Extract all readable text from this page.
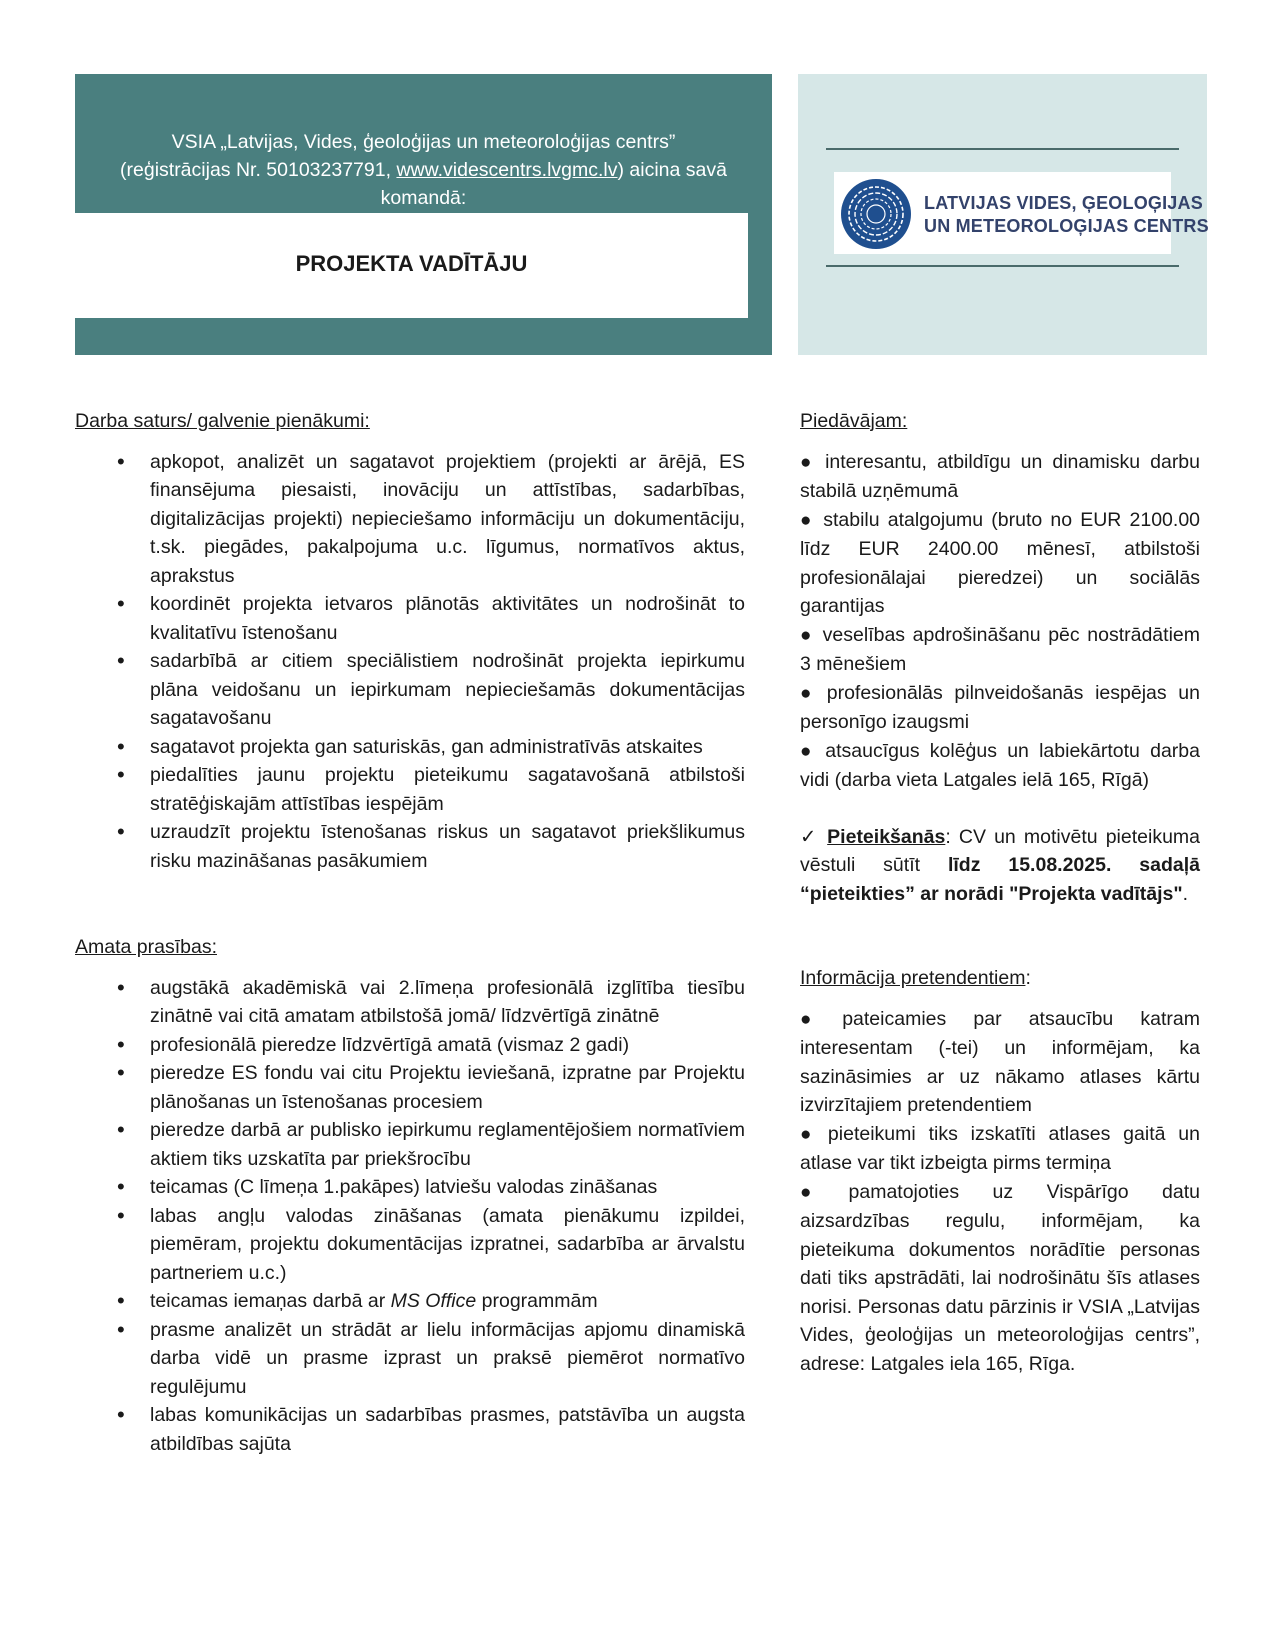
VSIA „Latvijas, Vides, ģeoloģijas un meteoroloģijas centrs”
(reģistrācijas Nr. 50103237791, www.videscentrs.lvgmc.lv) aicina savā
komandā:
PROJEKTA VADĪTĀJU
LATVIJAS VIDES, ĢEOLOĢIJAS
UN METEOROLOĢIJAS CENTRS
Darba saturs/ galvenie pienākumi:
• apkopot, analizēt un sagatavot projektiem (projekti ar ārējā, ES finansējuma piesaisti, inovāciju un attīstības, sadarbības, digitalizācijas projekti) nepieciešamo informāciju un dokumentāciju, t.sk. piegādes, pakalpojuma u.c. līgumus, normatīvos aktus, aprakstus
• koordinēt projekta ietvaros plānotās aktivitātes un nodrošināt to kvalitatīvu īstenošanu
• sadarbībā ar citiem speciālistiem nodrošināt projekta iepirkumu plāna veidošanu un iepirkumam nepieciešamās dokumentācijas sagatavošanu
• sagatavot projekta gan saturiskās, gan administratīvās atskaites
• piedalīties jaunu projektu pieteikumu sagatavošanā atbilstoši stratēģiskajām attīstības iespējām
• uzraudzīt projektu īstenošanas riskus un sagatavot priekšlikumus risku mazināšanas pasākumiem
Amata prasības:
• augstākā akadēmiskā vai 2.līmeņa profesionālā izglītība tiesību zinātnē vai citā amatam atbilstošā jomā/ līdzvērtīgā zinātnē
• profesionālā pieredze līdzvērtīgā amatā (vismaz 2 gadi)
• pieredze ES fondu vai citu Projektu ieviešanā, izpratne par Projektu plānošanas un īstenošanas procesiem
• pieredze darbā ar publisko iepirkumu reglamentējošiem normatīviem aktiem tiks uzskatīta par priekšrocību
• teicamas (C līmeņa 1.pakāpes) latviešu valodas zināšanas
• labas angļu valodas zināšanas (amata pienākumu izpildei, piemēram, projektu dokumentācijas izpratnei, sadarbība ar ārvalstu partneriem u.c.)
• teicamas iemaņas darbā ar MS Office programmām
• prasme analizēt un strādāt ar lielu informācijas apjomu dinamiskā darba vidē un prasme izprast un praksē piemērot normatīvo regulējumu
• labas komunikācijas un sadarbības prasmes, patstāvība un augsta atbildības sajūta
Piedāvājam:
● interesantu, atbildīgu un dinamisku darbu stabilā uzņēmumā
● stabilu atalgojumu (bruto no EUR 2100.00 līdz EUR 2400.00 mēnesī, atbilstoši profesionālajai pieredzei) un sociālās garantijas
● veselības apdrošināšanu pēc nostrādātiem 3 mēnešiem
● profesionālās pilnveidošanās iespējas un personīgo izaugsmi
● atsaucīgus kolēģus un labiekārtotu darba vidi (darba vieta Latgales ielā 165, Rīgā)
✓ Pieteikšanās: CV un motivētu pieteikuma vēstuli sūtīt līdz 15.08.2025. sadaļā “pieteikties” ar norādi "Projekta vadītājs".
Informācija pretendentiem:
● pateicamies par atsaucību katram interesentam (-tei) un informējam, ka sazināsimies ar uz nākamo atlases kārtu izvirzītajiem pretendentiem
● pieteikumi tiks izskatīti atlases gaitā un atlase var tikt izbeigta pirms termiņa
● pamatojoties uz Vispārīgo datu aizsardzības regulu, informējam, ka pieteikuma dokumentos norādītie personas dati tiks apstrādāti, lai nodrošinātu šīs atlases norisi. Personas datu pārzinis ir VSIA „Latvijas Vides, ģeoloģijas un meteoroloģijas centrs”, adrese: Latgales iela 165, Rīga.
